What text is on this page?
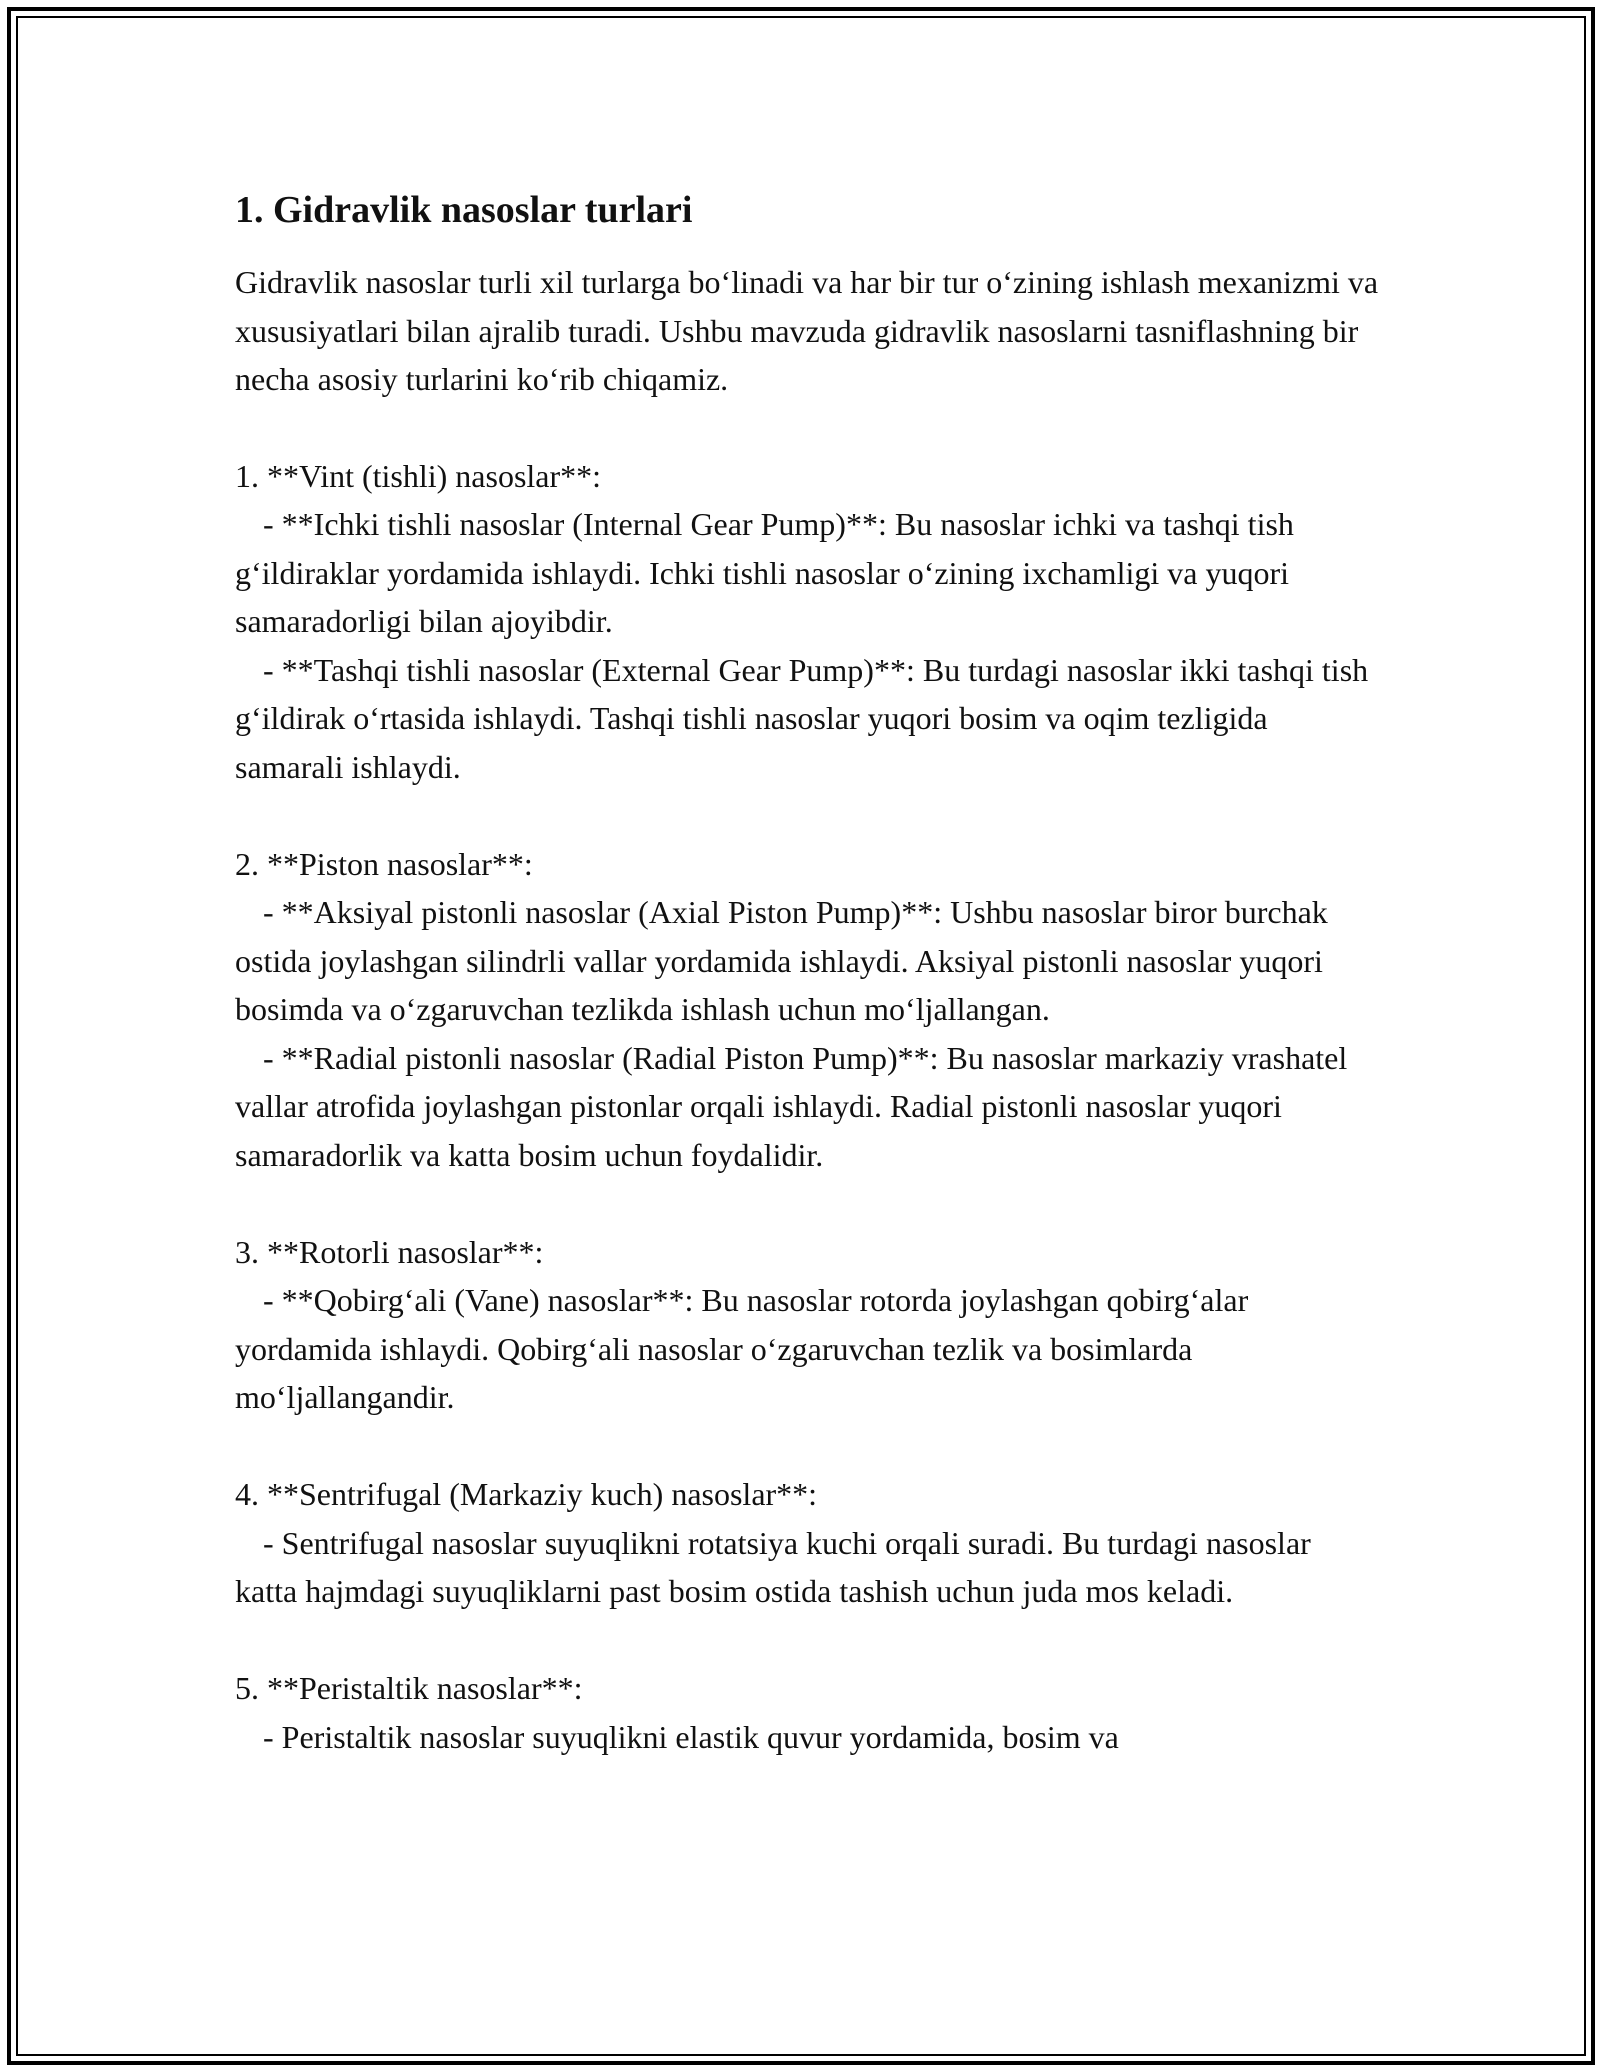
1. Gidravlik nasoslar turlari

Gidravlik nasoslar turli xil turlarga bo‘linadi va har bir tur o‘zining ishlash mexanizmi va xususiyatlari bilan ajralib turadi. Ushbu mavzuda gidravlik nasoslarni tasniflashning bir necha asosiy turlarini ko‘rib chiqamiz.

1. **Vint (tishli) nasoslar**:

- **Ichki tishli nasoslar (Internal Gear Pump)**: Bu nasoslar ichki va tashqi tish g‘ildiraklar yordamida ishlaydi. Ichki tishli nasoslar o‘zining ixchamligi va yuqori samaradorligi bilan ajoyibdir.

- **Tashqi tishli nasoslar (External Gear Pump)**: Bu turdagi nasoslar ikki tashqi tish g‘ildirak o‘rtasida ishlaydi. Tashqi tishli nasoslar yuqori bosim va oqim tezligida samarali ishlaydi.

2. **Piston nasoslar**:

- **Aksiyal pistonli nasoslar (Axial Piston Pump)**: Ushbu nasoslar biror burchak ostida joylashgan silindrli vallar yordamida ishlaydi. Aksiyal pistonli nasoslar yuqori bosimda va o‘zgaruvchan tezlikda ishlash uchun mo‘ljallangan.

- **Radial pistonli nasoslar (Radial Piston Pump)**: Bu nasoslar markaziy vrashatel vallar atrofida joylashgan pistonlar orqali ishlaydi. Radial pistonli nasoslar yuqori samaradorlik va katta bosim uchun foydalidir.

3. **Rotorli nasoslar**:

- **Qobirg‘ali (Vane) nasoslar**: Bu nasoslar rotorda joylashgan qobirg‘alar yordamida ishlaydi. Qobirg‘ali nasoslar o‘zgaruvchan tezlik va bosimlarda mo‘ljallangandir.

4. **Sentrifugal (Markaziy kuch) nasoslar**:

- Sentrifugal nasoslar suyuqlikni rotatsiya kuchi orqali suradi. Bu turdagi nasoslar katta hajmdagi suyuqliklarni past bosim ostida tashish uchun juda mos keladi.

5. **Peristaltik nasoslar**:

- Peristaltik nasoslar suyuqlikni elastik quvur yordamida, bosim va
